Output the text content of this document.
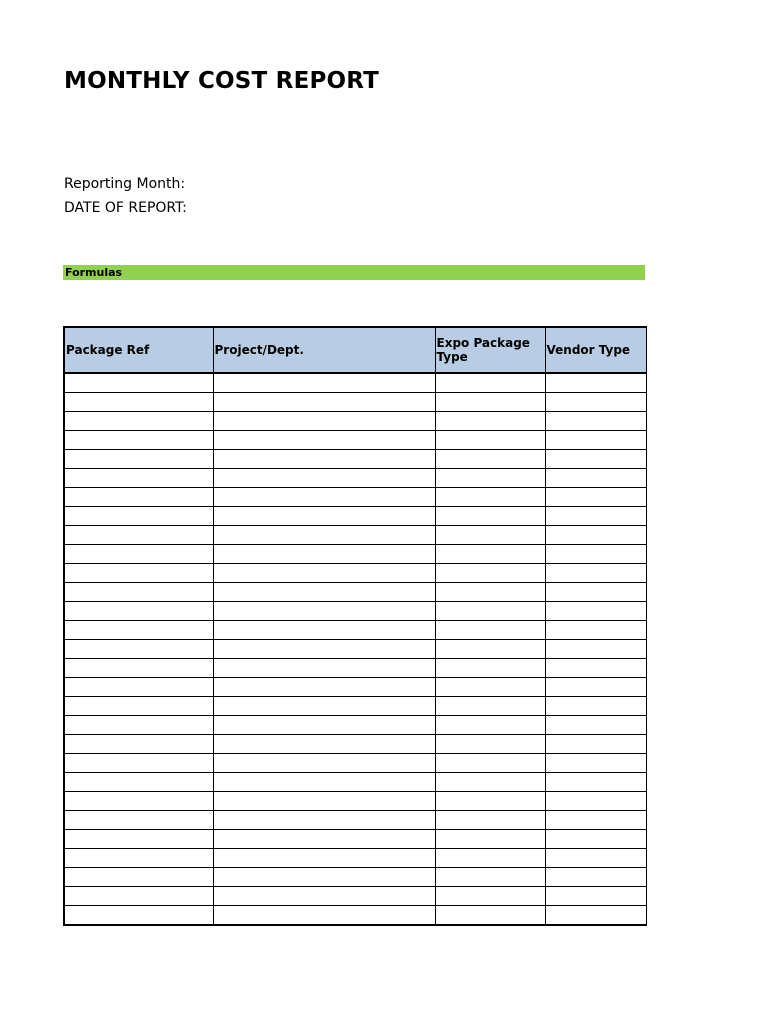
MONTHLY COST REPORT
Reporting Month:
DATE OF REPORT:
Formulas
Package Ref	Project/Dept.	Expo Package Type	Vendor Type
